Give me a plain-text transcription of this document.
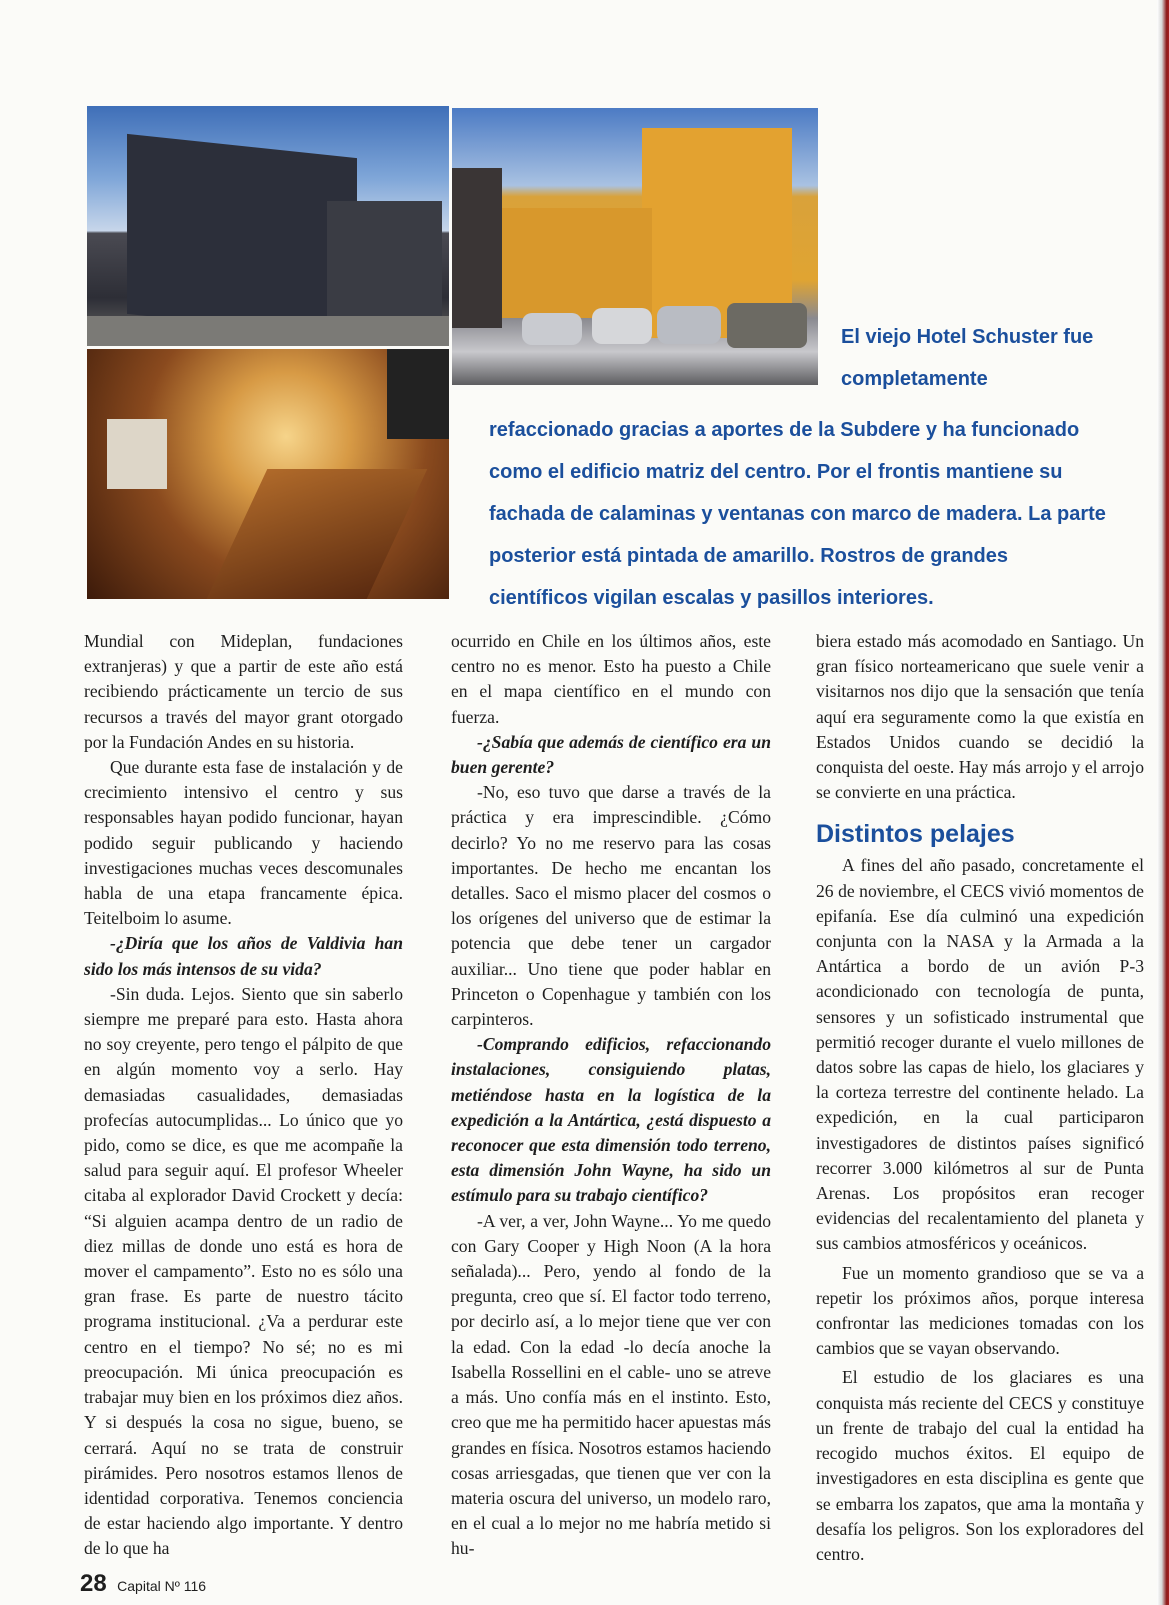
El viejo Hotel Schuster fue
completamente
refaccionado gracias a aportes de la Subdere y ha funcionado como el edificio matriz del centro. Por el frontis mantiene su fachada de calaminas y ventanas con marco de madera. La parte posterior está pintada de amarillo. Rostros de grandes científicos vigilan escalas y pasillos interiores.

Mundial con Mideplan, fundaciones extranjeras) y que a partir de este año está recibiendo prácticamente un tercio de sus recursos a través del mayor grant otorgado por la Fundación Andes en su historia.

Que durante esta fase de instalación y de crecimiento intensivo el centro y sus responsables hayan podido funcionar, hayan podido seguir publicando y haciendo investigaciones muchas veces descomunales habla de una etapa francamente épica. Teitelboim lo asume.

-¿Diría que los años de Valdivia han sido los más intensos de su vida?

-Sin duda. Lejos. Siento que sin saberlo siempre me preparé para esto. Hasta ahora no soy creyente, pero tengo el pálpito de que en algún momento voy a serlo. Hay demasiadas casualidades, demasiadas profecías autocumplidas... Lo único que yo pido, como se dice, es que me acompañe la salud para seguir aquí. El profesor Wheeler citaba al explorador David Crockett y decía: “Si alguien acampa dentro de un radio de diez millas de donde uno está es hora de mover el campamento”. Esto no es sólo una gran frase. Es parte de nuestro tácito programa institucional. ¿Va a perdurar este centro en el tiempo? No sé; no es mi preocupación. Mi única preocupación es trabajar muy bien en los próximos diez años. Y si después la cosa no sigue, bueno, se cerrará. Aquí no se trata de construir pirámides. Pero nosotros estamos llenos de identidad corporativa. Tenemos conciencia de estar haciendo algo importante. Y dentro de lo que ha

ocurrido en Chile en los últimos años, este centro no es menor. Esto ha puesto a Chile en el mapa científico en el mundo con fuerza.

-¿Sabía que además de científico era un buen gerente?

-No, eso tuvo que darse a través de la práctica y era imprescindible. ¿Cómo decirlo? Yo no me reservo para las cosas importantes. De hecho me encantan los detalles. Saco el mismo placer del cosmos o los orígenes del universo que de estimar la potencia que debe tener un cargador auxiliar... Uno tiene que poder hablar en Princeton o Copenhague y también con los carpinteros.

-Comprando edificios, refaccionando instalaciones, consiguiendo platas, metiéndose hasta en la logística de la expedición a la Antártica, ¿está dispuesto a reconocer que esta dimensión todo terreno, esta dimensión John Wayne, ha sido un estímulo para su trabajo científico?

-A ver, a ver, John Wayne... Yo me quedo con Gary Cooper y High Noon (A la hora señalada)... Pero, yendo al fondo de la pregunta, creo que sí. El factor todo terreno, por decirlo así, a lo mejor tiene que ver con la edad. Con la edad -lo decía anoche la Isabella Rossellini en el cable- uno se atreve a más. Uno confía más en el instinto. Esto, creo que me ha permitido hacer apuestas más grandes en física. Nosotros estamos haciendo cosas arriesgadas, que tienen que ver con la materia oscura del universo, un modelo raro, en el cual a lo mejor no me habría metido si hu-

biera estado más acomodado en Santiago. Un gran físico norteamericano que suele venir a visitarnos nos dijo que la sensación que tenía aquí era seguramente como la que existía en Estados Unidos cuando se decidió la conquista del oeste. Hay más arrojo y el arrojo se convierte en una práctica.

Distintos pelajes

A fines del año pasado, concretamente el 26 de noviembre, el CECS vivió momentos de epifanía. Ese día culminó una expedición conjunta con la NASA y la Armada a la Antártica a bordo de un avión P-3 acondicionado con tecnología de punta, sensores y un sofisticado instrumental que permitió recoger durante el vuelo millones de datos sobre las capas de hielo, los glaciares y la corteza terrestre del continente helado. La expedición, en la cual participaron investigadores de distintos países significó recorrer 3.000 kilómetros al sur de Punta Arenas. Los propósitos eran recoger evidencias del recalentamiento del planeta y sus cambios atmosféricos y oceánicos.

Fue un momento grandioso que se va a repetir los próximos años, porque interesa confrontar las mediciones tomadas con los cambios que se vayan observando.

El estudio de los glaciares es una conquista más reciente del CECS y constituye un frente de trabajo del cual la entidad ha recogido muchos éxitos. El equipo de investigadores en esta disciplina es gente que se embarra los zapatos, que ama la montaña y desafía los peligros. Son los exploradores del centro.

28 Capital Nº 116
